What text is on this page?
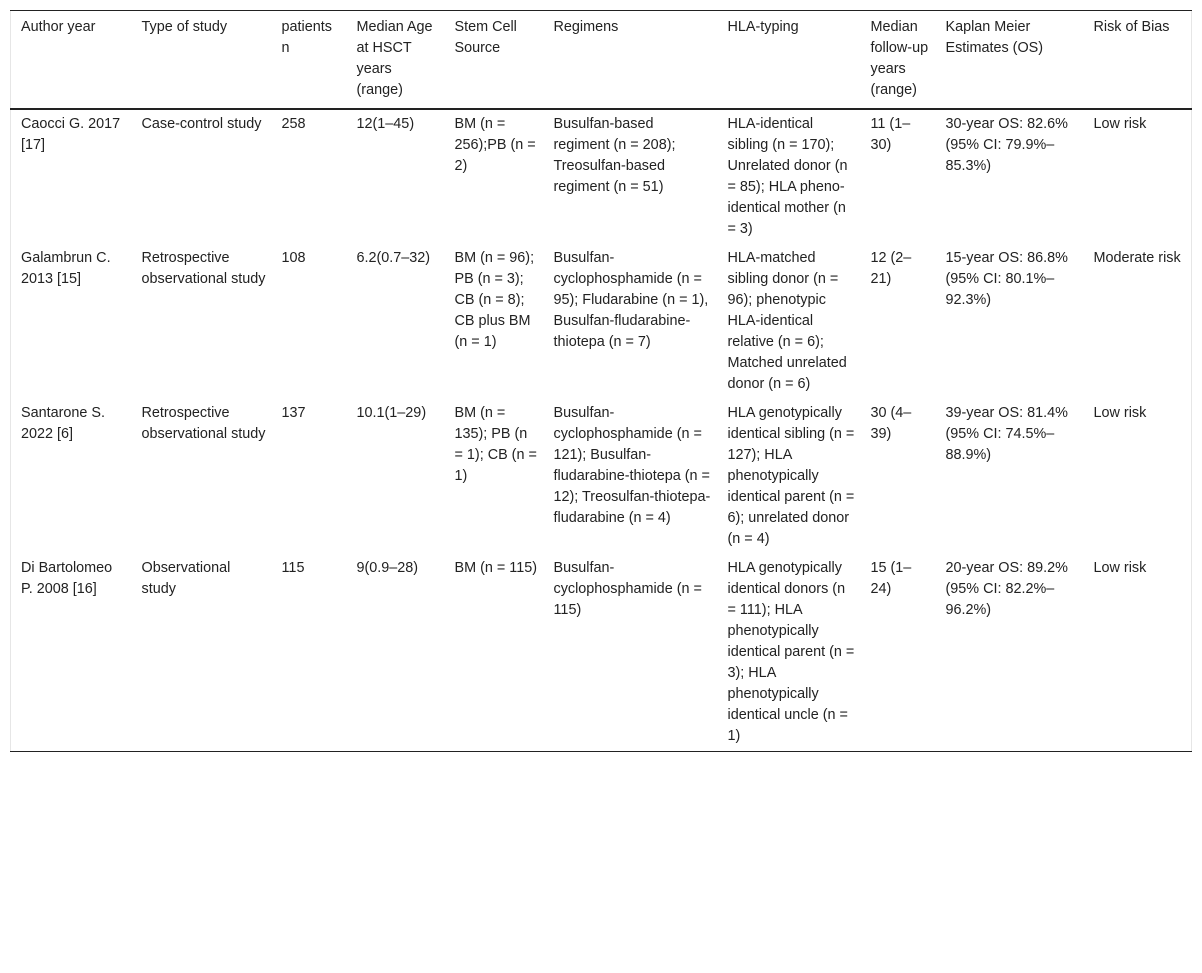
Author year	Type of study	patients n	Median Age at HSCT years (range)	Stem Cell Source	Regimens	HLA-typing	Median follow-up years (range)	Kaplan Meier Estimates (OS)	Risk of Bias
Caocci G. 2017 [17]	Case-control study	258	12(1–45)	BM (n = 256);PB (n = 2)	Busulfan-based regiment (n = 208); Treosulfan-based regiment (n = 51)	HLA-identical sibling (n = 170); Unrelated donor (n = 85); HLA pheno-identical mother (n = 3)	11 (1–30)	30-year OS: 82.6% (95% CI: 79.9%–85.3%)	Low risk
Galambrun C. 2013 [15]	Retrospective observational study	108	6.2(0.7–32)	BM (n = 96); PB (n = 3); CB (n = 8); CB plus BM (n = 1)	Busulfan-cyclophosphamide (n = 95); Fludarabine (n = 1), Busulfan-fludarabine-thiotepa (n = 7)	HLA-matched sibling donor (n = 96); phenotypic HLA-identical relative (n = 6); Matched unrelated donor (n = 6)	12 (2–21)	15-year OS: 86.8% (95% CI: 80.1%–92.3%)	Moderate risk
Santarone S. 2022 [6]	Retrospective observational study	137	10.1(1–29)	BM (n = 135); PB (n = 1); CB (n = 1)	Busulfan-cyclophosphamide (n = 121); Busulfan-fludarabine-thiotepa (n = 12); Treosulfan-thiotepa-fludarabine (n = 4)	HLA genotypically identical sibling (n = 127); HLA phenotypically identical parent (n = 6); unrelated donor (n = 4)	30 (4–39)	39-year OS: 81.4% (95% CI: 74.5%–88.9%)	Low risk
Di Bartolomeo P. 2008 [16]	Observational study	115	9(0.9–28)	BM (n = 115)	Busulfan-cyclophosphamide (n = 115)	HLA genotypically identical donors (n = 111); HLA phenotypically identical parent (n = 3); HLA phenotypically identical uncle (n = 1)	15 (1–24)	20-year OS: 89.2% (95% CI: 82.2%–96.2%)	Low risk
